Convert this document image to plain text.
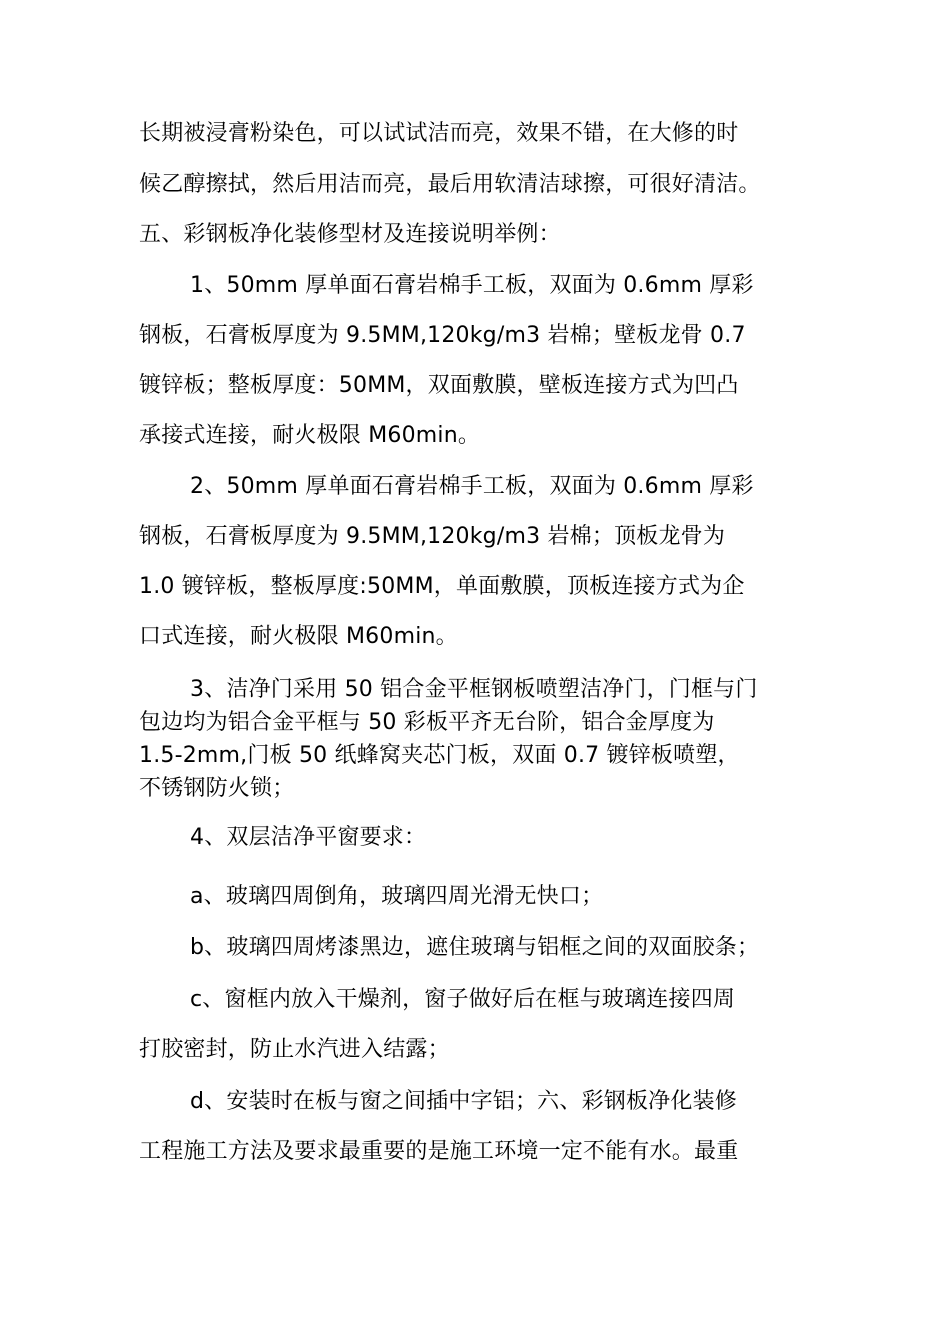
长期被浸膏粉染色，可以试试洁而亮，效果不错，在大修的时
候乙醇擦拭，然后用洁而亮，最后用软清洁球擦，可很好清洁。
五、彩钢板净化装修型材及连接说明举例：
1、50mm 厚单面石膏岩棉手工板，双面为 0.6mm 厚彩
钢板，石膏板厚度为 9.5MM,120kg/m3 岩棉；壁板龙骨 0.7
镀锌板；整板厚度：50MM，双面敷膜，壁板连接方式为凹凸
承接式连接，耐火极限 M60min。
2、50mm 厚单面石膏岩棉手工板，双面为 0.6mm 厚彩
钢板，石膏板厚度为 9.5MM,120kg/m3 岩棉；顶板龙骨为
1.0 镀锌板，整板厚度:50MM，单面敷膜，顶板连接方式为企
口式连接，耐火极限 M60min。
3、洁净门采用 50 铝合金平框钢板喷塑洁净门，门框与门
包边均为铝合金平框与 50 彩板平齐无台阶，铝合金厚度为
1.5-2mm,门板 50 纸蜂窝夹芯门板，双面 0.7 镀锌板喷塑，
不锈钢防火锁；
4、双层洁净平窗要求：
a、玻璃四周倒角，玻璃四周光滑无快口；
b、玻璃四周烤漆黑边，遮住玻璃与铝框之间的双面胶条；
c、窗框内放入干燥剂，窗子做好后在框与玻璃连接四周
打胶密封，防止水汽进入结露；
d、安装时在板与窗之间插中字铝；六、彩钢板净化装修
工程施工方法及要求最重要的是施工环境一定不能有水。最重
